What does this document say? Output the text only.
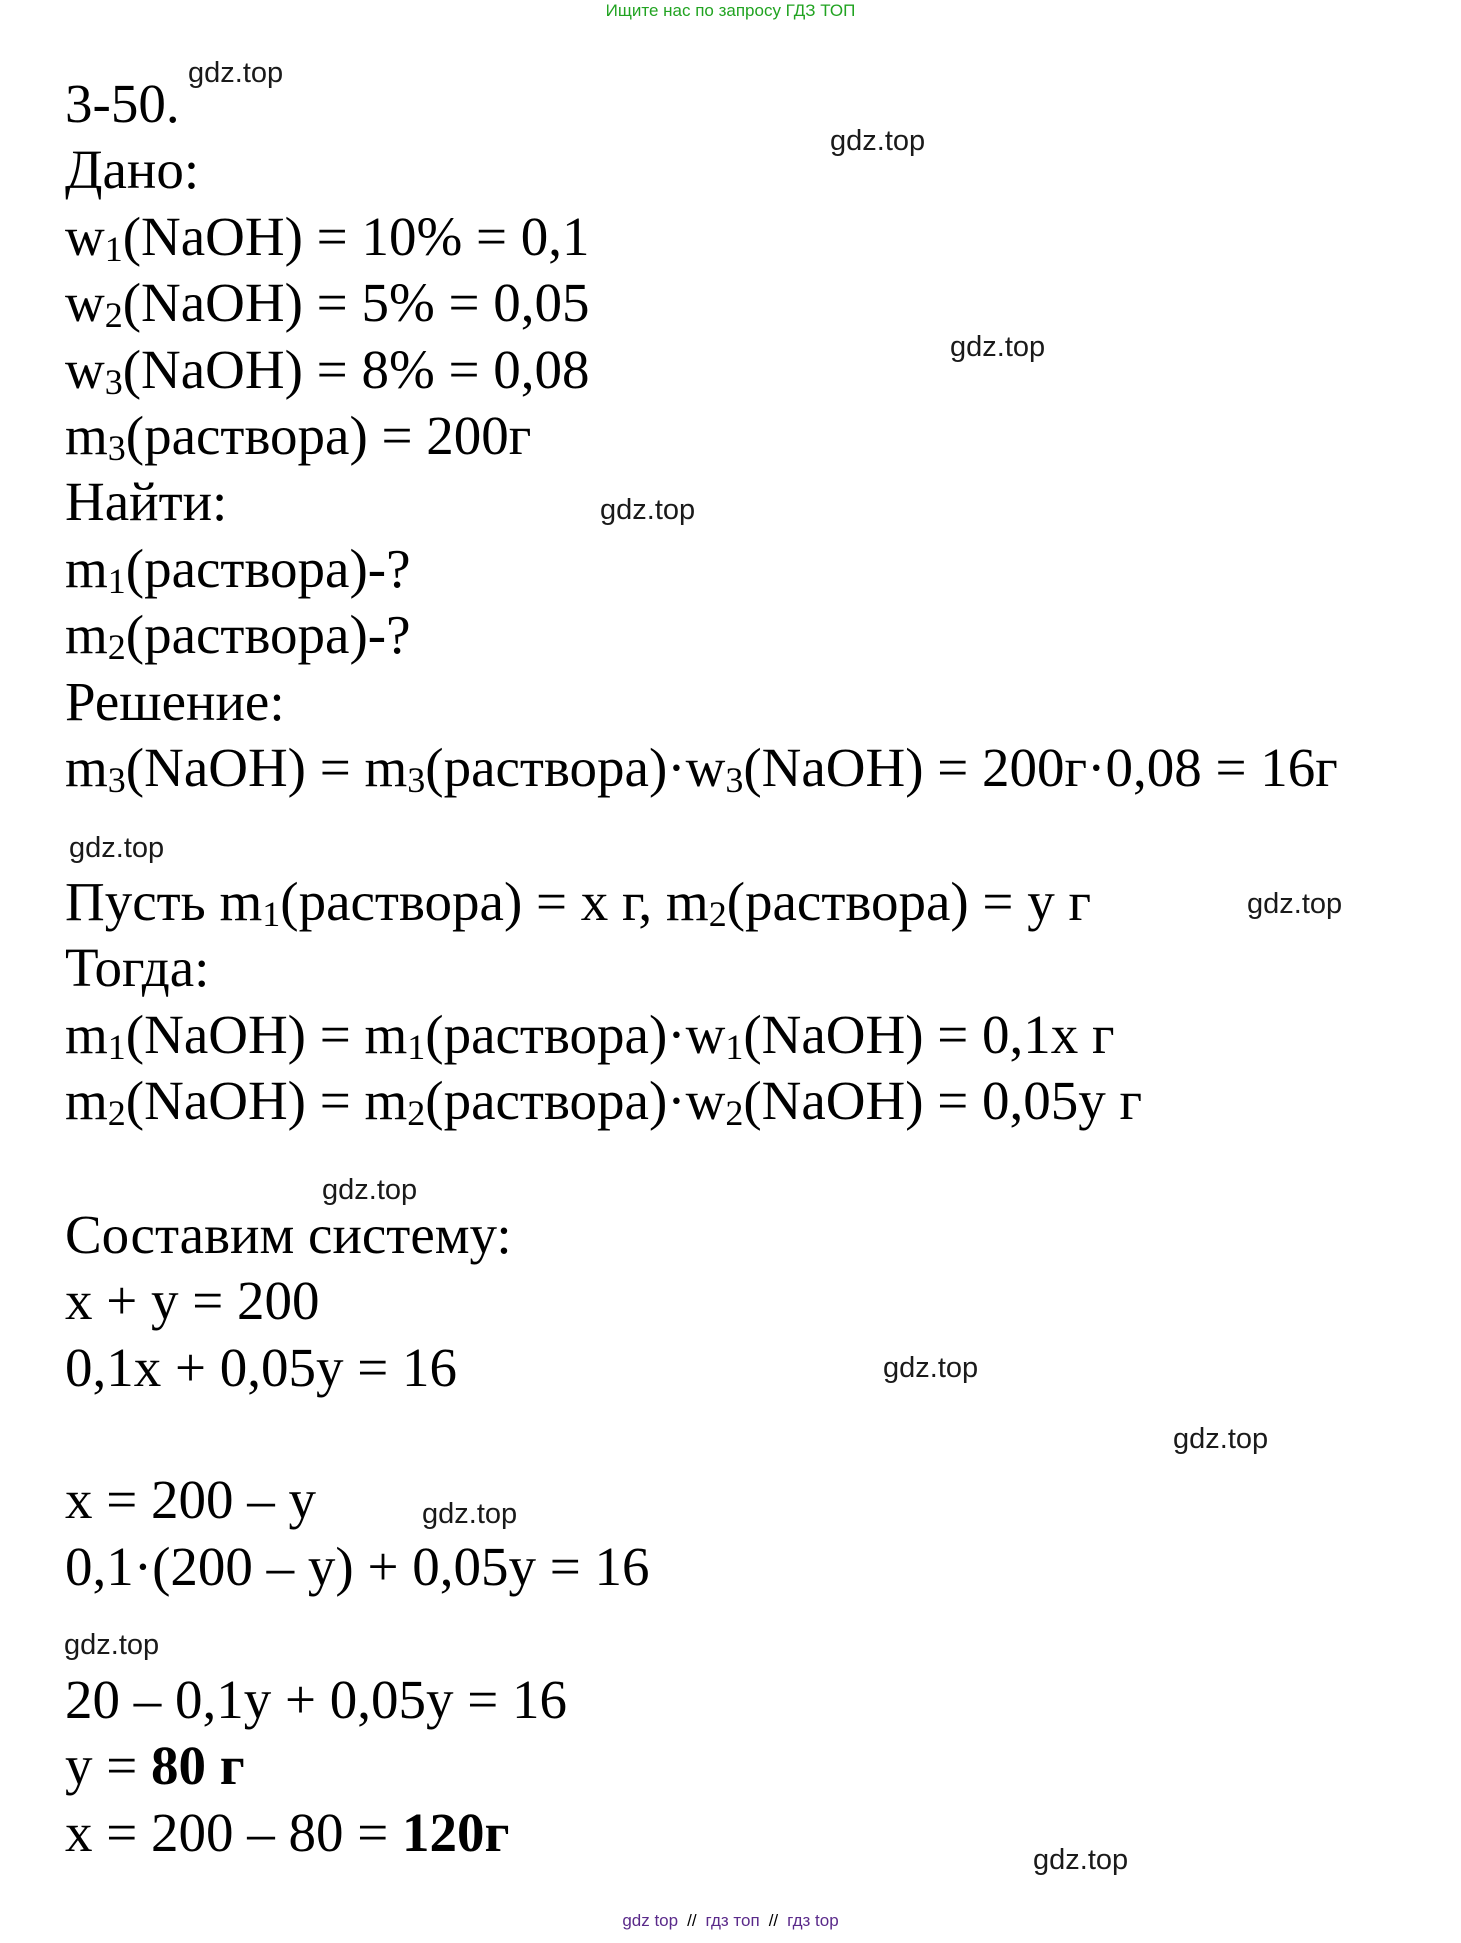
Ищите нас по запросу ГДЗ ТОП
3-50.
Дано:
w1(NaOH) = 10% = 0,1
w2(NaOH) = 5% = 0,05
w3(NaOH) = 8% = 0,08
m3(раствора) = 200г
Найти:
m1(раствора)-?
m2(раствора)-?
Решение:
m3(NaOH) = m3(раствора)·w3(NaOH) = 200г·0,08 = 16г
Пусть m1(раствора) = x г, m2(раствора) = y г
Тогда:
m1(NaOH) = m1(раствора)·w1(NaOH) = 0,1x г
m2(NaOH) = m2(раствора)·w2(NaOH) = 0,05y г
Составим систему:
x + y = 200
0,1x + 0,05y = 16
x = 200 – y
0,1·(200 – y) + 0,05y = 16
20 – 0,1y + 0,05y = 16
y = 80 г
x = 200 – 80 = 120г
gdz.top
gdz.top
gdz.top
gdz.top
gdz.top
gdz.top
gdz.top
gdz.top
gdz.top
gdz.top
gdz.top
gdz.top
gdz top // гдз топ // гдз top
